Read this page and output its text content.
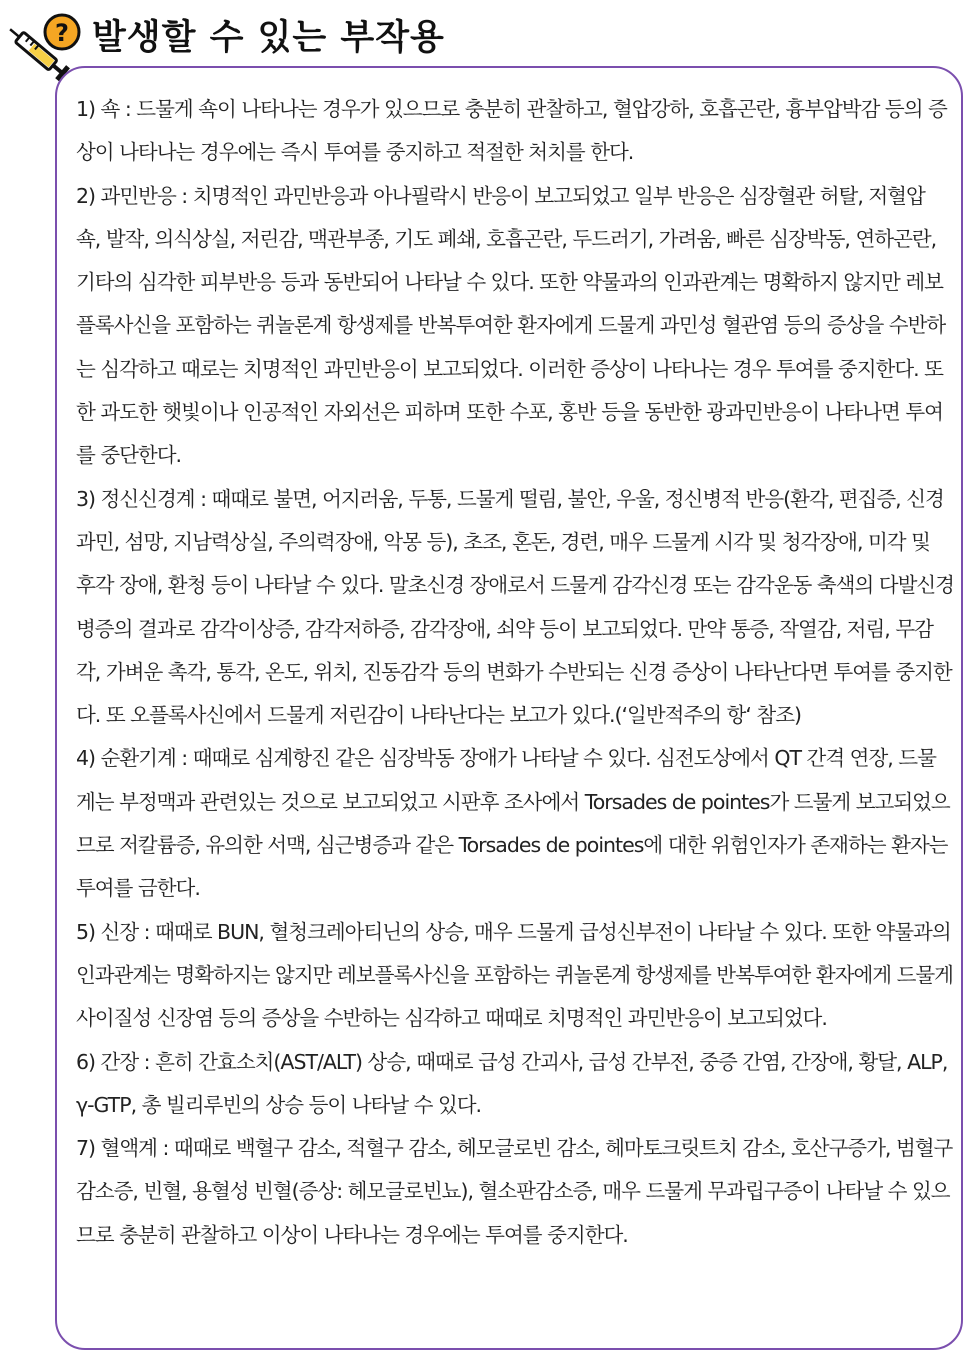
? 발생할 수 있는 부작용

1) 쇽 : 드물게 쇽이 나타나는 경우가 있으므로 충분히 관찰하고, 혈압강하, 호흡곤란, 흉부압박감 등의 증상이 나타나는 경우에는 즉시 투여를 중지하고 적절한 처치를 한다.

2) 과민반응 : 치명적인 과민반응과 아나필락시 반응이 보고되었고 일부 반응은 심장혈관 허탈, 저혈압 쇽, 발작, 의식상실, 저린감, 맥관부종, 기도 폐쇄, 호흡곤란, 두드러기, 가려움, 빠른 심장박동, 연하곤란, 기타의 심각한 피부반응 등과 동반되어 나타날 수 있다. 또한 약물과의 인과관계는 명확하지 않지만 레보플록사신을 포함하는 퀴놀론계 항생제를 반복투여한 환자에게 드물게 과민성 혈관염 등의 증상을 수반하는 심각하고 때로는 치명적인 과민반응이 보고되었다. 이러한 증상이 나타나는 경우 투여를 중지한다. 또한 과도한 햇빛이나 인공적인 자외선은 피하며 또한 수포, 홍반 등을 동반한 광과민반응이 나타나면 투여를 중단한다.

3) 정신신경계 : 때때로 불면, 어지러움, 두통, 드물게 떨림, 불안, 우울, 정신병적 반응(환각, 편집증, 신경과민, 섬망, 지남력상실, 주의력장애, 악몽 등), 초조, 혼돈, 경련, 매우 드물게 시각 및 청각장애, 미각 및 후각 장애, 환청 등이 나타날 수 있다. 말초신경 장애로서 드물게 감각신경 또는 감각운동 축색의 다발신경병증의 결과로 감각이상증, 감각저하증, 감각장애, 쇠약 등이 보고되었다. 만약 통증, 작열감, 저림, 무감각, 가벼운 촉각, 통각, 온도, 위치, 진동감각 등의 변화가 수반되는 신경 증상이 나타난다면 투여를 중지한다. 또 오플록사신에서 드물게 저린감이 나타난다는 보고가 있다.(‘일반적주의 항‘ 참조)

4) 순환기계 : 때때로 심계항진 같은 심장박동 장애가 나타날 수 있다. 심전도상에서 QT 간격 연장, 드물게는 부정맥과 관련있는 것으로 보고되었고 시판후 조사에서 Torsades de pointes가 드물게 보고되었으므로 저칼륨증, 유의한 서맥, 심근병증과 같은 Torsades de pointes에 대한 위험인자가 존재하는 환자는 투여를 금한다.

5) 신장 : 때때로 BUN, 혈청크레아티닌의 상승, 매우 드물게 급성신부전이 나타날 수 있다. 또한 약물과의 인과관계는 명확하지는 않지만 레보플록사신을 포함하는 퀴놀론계 항생제를 반복투여한 환자에게 드물게 사이질성 신장염 등의 증상을 수반하는 심각하고 때때로 치명적인 과민반응이 보고되었다.

6) 간장 : 흔히 간효소치(AST/ALT) 상승, 때때로 급성 간괴사, 급성 간부전, 중증 간염, 간장애, 황달, ALP, γ-GTP, 총 빌리루빈의 상승 등이 나타날 수 있다.

7) 혈액계 : 때때로 백혈구 감소, 적혈구 감소, 헤모글로빈 감소, 헤마토크릿트치 감소, 호산구증가, 범혈구감소증, 빈혈, 용혈성 빈혈(증상: 헤모글로빈뇨), 혈소판감소증, 매우 드물게 무과립구증이 나타날 수 있으므로 충분히 관찰하고 이상이 나타나는 경우에는 투여를 중지한다.
